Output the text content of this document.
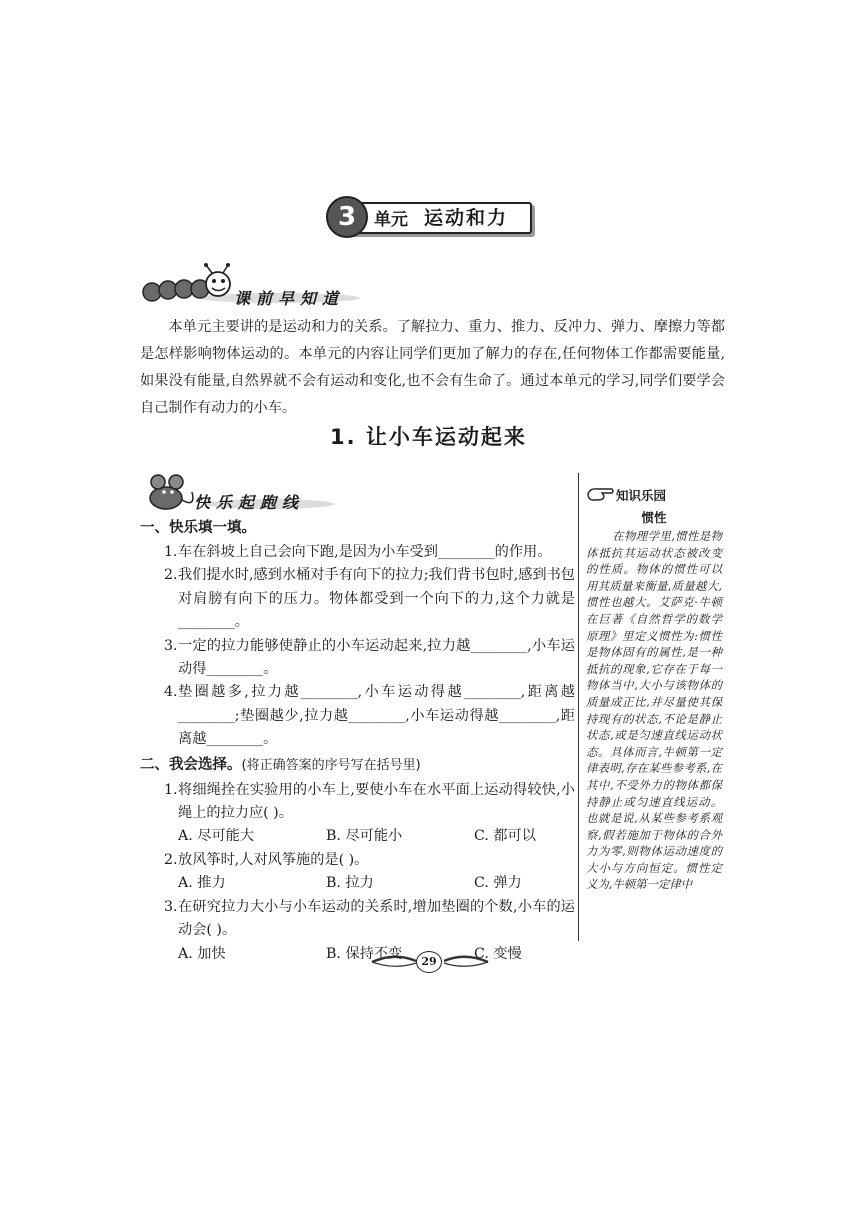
3	单元 运动和力
课前早知道
本单元主要讲的是运动和力的关系。了解拉力、重力、推力、反冲力、弹力、摩擦力等都是怎样影响物体运动的。本单元的内容让同学们更加了解力的存在,任何物体工作都需要能量,如果没有能量,自然界就不会有运动和变化,也不会有生命了。通过本单元的学习,同学们要学会自己制作有动力的小车。
1. 让小车运动起来
快乐起跑线
一、快乐填一填。
1. 车在斜坡上自己会向下跑,是因为小车受到________的作用。
2. 我们提水时,感到水桶对手有向下的拉力;我们背书包时,感到书包对肩膀有向下的压力。物体都受到一个向下的力,这个力就是________。
3. 一定的拉力能够使静止的小车运动起来,拉力越________,小车运动得________。
4. 垫圈越多,拉力越________,小车运动得越________,距离越________;垫圈越少,拉力越________,小车运动得越________,距离越________。
二、我会选择。(将正确答案的序号写在括号里)
1. 将细绳拴在实验用的小车上,要使小车在水平面上运动得较快,小绳上的拉力应( )。
A. 尽可能大	B. 尽可能小	C. 都可以
2. 放风筝时,人对风筝施的是( )。
A. 推力	B. 拉力	C. 弹力
3. 在研究拉力大小与小车运动的关系时,增加垫圈的个数,小车的运动会( )。
A. 加快	B. 保持不变	C. 变慢
知识乐园
惯性
在物理学里,惯性是物体抵抗其运动状态被改变的性质。物体的惯性可以用其质量来衡量,质量越大,惯性也越大。艾萨克·牛顿在巨著《自然哲学的数学原理》里定义惯性为:惯性是物体固有的属性,是一种抵抗的现象,它存在于每一物体当中,大小与该物体的质量成正比,并尽量使其保持现有的状态,不论是静止状态,或是匀速直线运动状态。具体而言,牛顿第一定律表明,存在某些参考系,在其中,不受外力的物体都保持静止或匀速直线运动。也就是说,从某些参考系观察,假若施加于物体的合外力为零,则物体运动速度的大小与方向恒定。惯性定义为,牛顿第一定律中
29
